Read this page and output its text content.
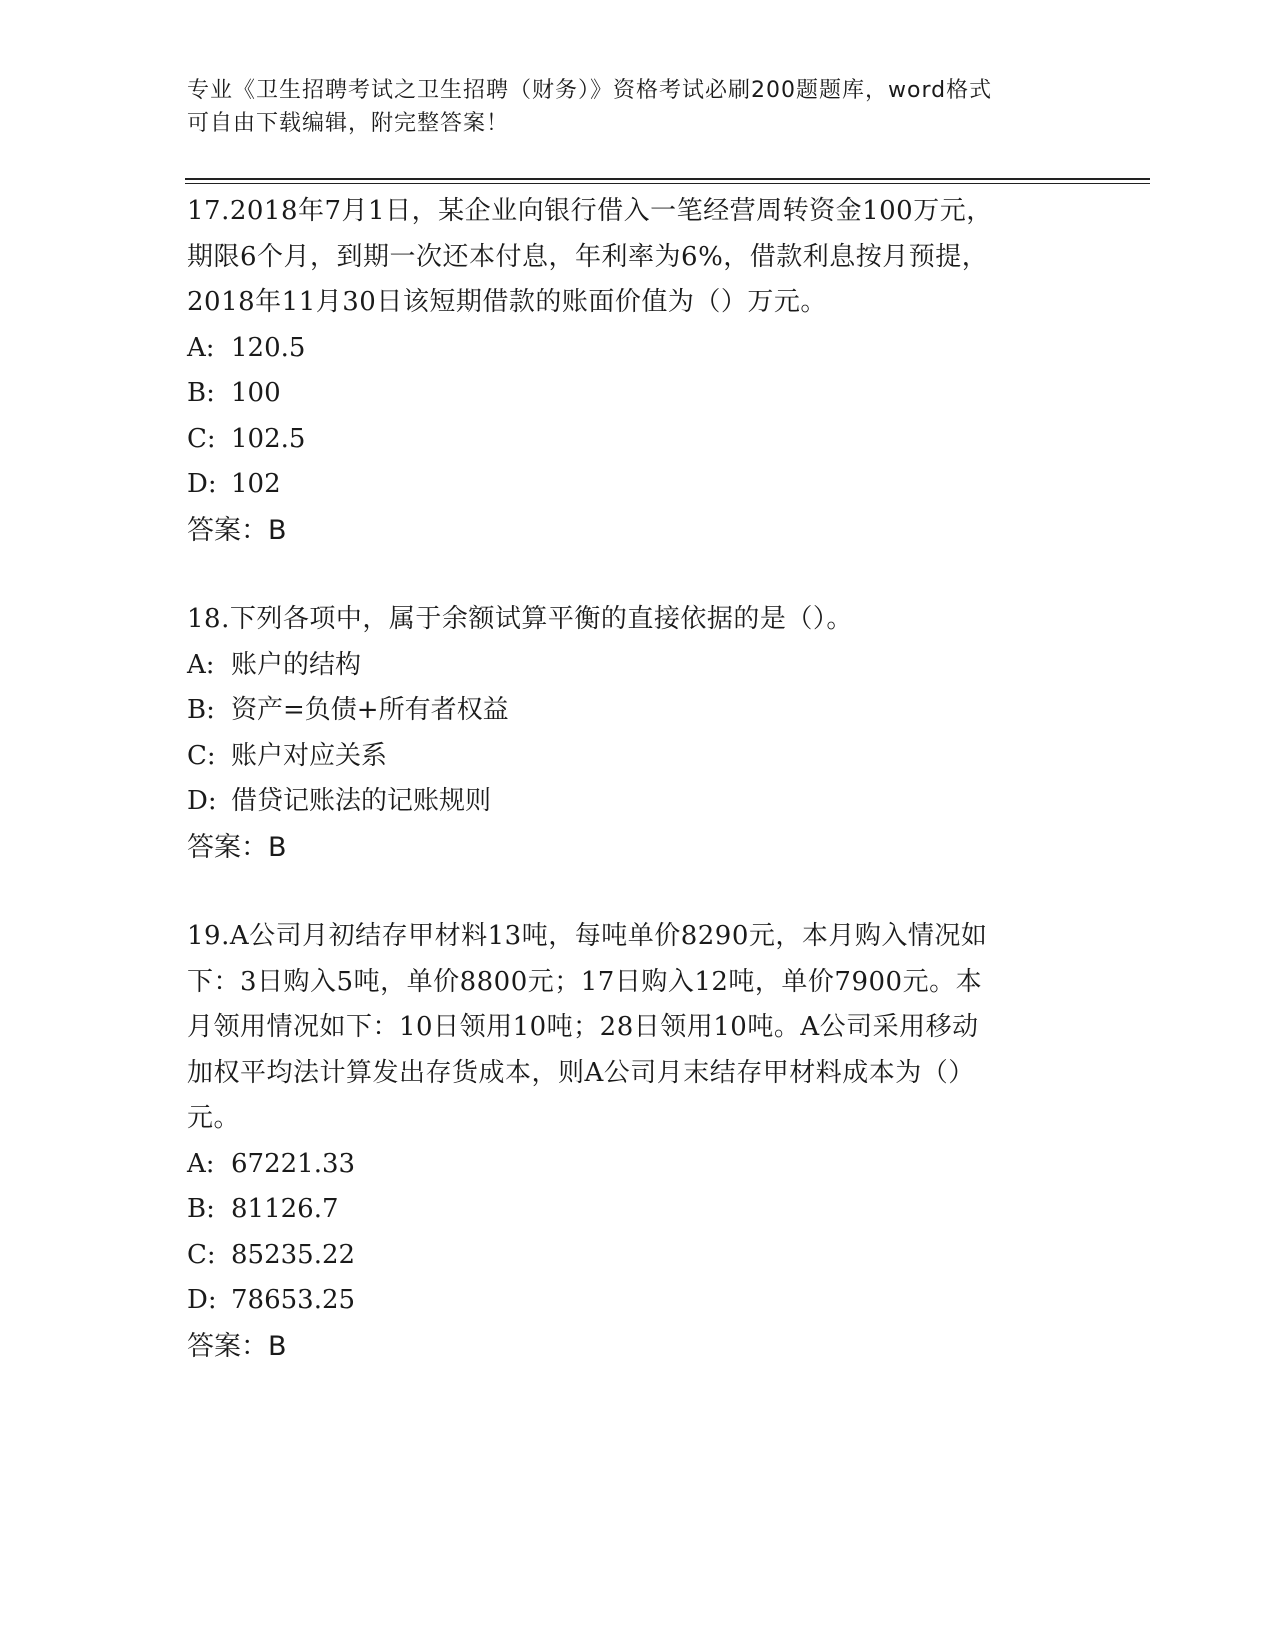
专业《卫生招聘考试之卫生招聘（财务）》资格考试必刷200题题库，word格式
可自由下载编辑，附完整答案！
17.2018年7月1日，某企业向银行借入一笔经营周转资金100万元，
期限6个月，到期一次还本付息，年利率为6%，借款利息按月预提，
2018年11月30日该短期借款的账面价值为（）万元。
A: 120.5
B: 100
C: 102.5
D: 102
答案：B
18.下列各项中，属于余额试算平衡的直接依据的是（）。
A: 账户的结构
B: 资产=负债+所有者权益
C: 账户对应关系
D: 借贷记账法的记账规则
答案：B
19.A公司月初结存甲材料13吨，每吨单价8290元，本月购入情况如
下：3日购入5吨，单价8800元；17日购入12吨，单价7900元。本
月领用情况如下：10日领用10吨；28日领用10吨。A公司采用移动
加权平均法计算发出存货成本，则A公司月末结存甲材料成本为（）
元。
A: 67221.33
B: 81126.7
C: 85235.22
D: 78653.25
答案：B
